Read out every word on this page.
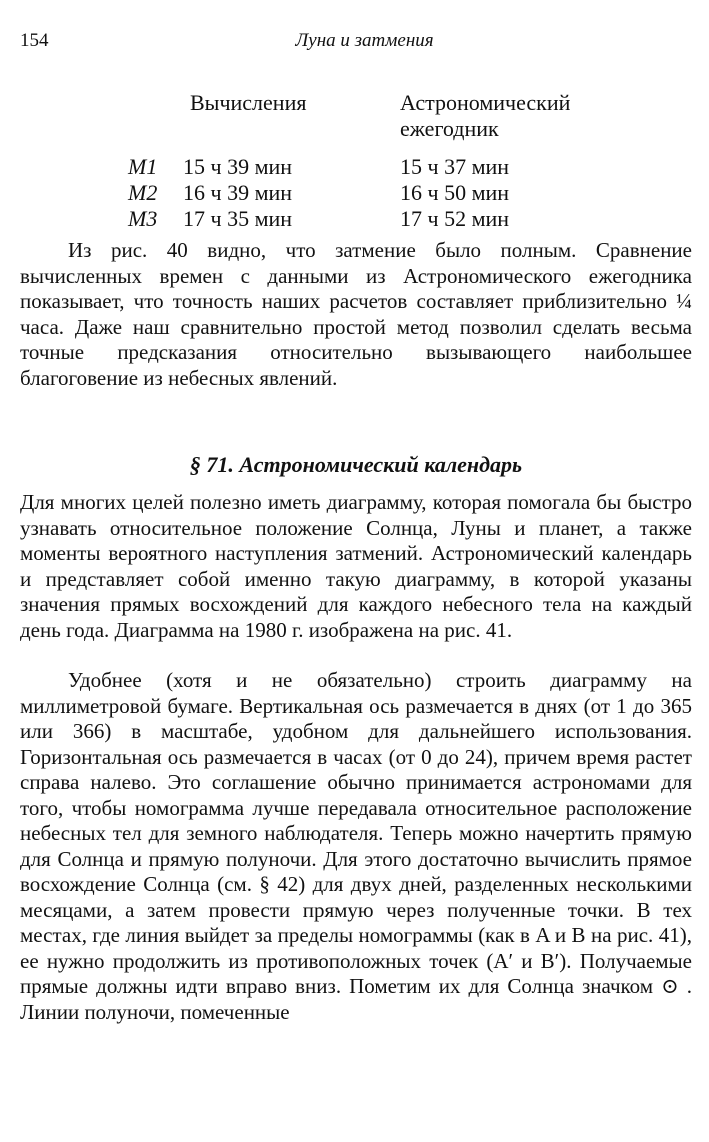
154	Луна и затмения
	Вычисления	Астрономический
ежегодник

M1	15 ч 39 мин	15 ч 37 мин
M2	16 ч 39 мин	16 ч 50 мин
M3	17 ч 35 мин	17 ч 52 мин

Из рис. 40 видно, что затмение было полным. Сравнение вычисленных времен с данными из Астрономического ежегодника показывает, что точность наших расчетов составляет приблизительно ¼ часа. Даже наш сравнительно простой метод позволил сделать весьма точные предсказания относительно вызывающего наибольшее благоговение из небесных явлений.

§ 71. Астрономический календарь

Для многих целей полезно иметь диаграмму, которая помогала бы быстро узнавать относительное положение Солнца, Луны и планет, а также моменты вероятного наступления затмений. Астрономический календарь и представляет собой именно такую диаграмму, в которой указаны значения прямых восхождений для каждого небесного тела на каждый день года. Диаграмма на 1980 г. изображена на рис. 41.

Удобнее (хотя и не обязательно) строить диаграмму на миллиметровой бумаге. Вертикальная ось размечается в днях (от 1 до 365 или 366) в масштабе, удобном для дальнейшего использования. Горизонтальная ось размечается в часах (от 0 до 24), причем время растет справа налево. Это соглашение обычно принимается астрономами для того, чтобы номограмма лучше передавала относительное расположение небесных тел для земного наблюдателя. Теперь можно начертить прямую для Солнца и прямую полуночи. Для этого достаточно вычислить прямое восхождение Солнца (см. § 42) для двух дней, разделенных несколькими месяцами, а затем провести прямую через полученные точки. В тех местах, где линия выйдет за пределы номограммы (как в A и B на рис. 41), ее нужно продолжить из противоположных точек (A′ и B′). Получаемые прямые должны идти вправо вниз. Пометим их для Солнца значком ⊙ . Линии полуночи, помеченные
